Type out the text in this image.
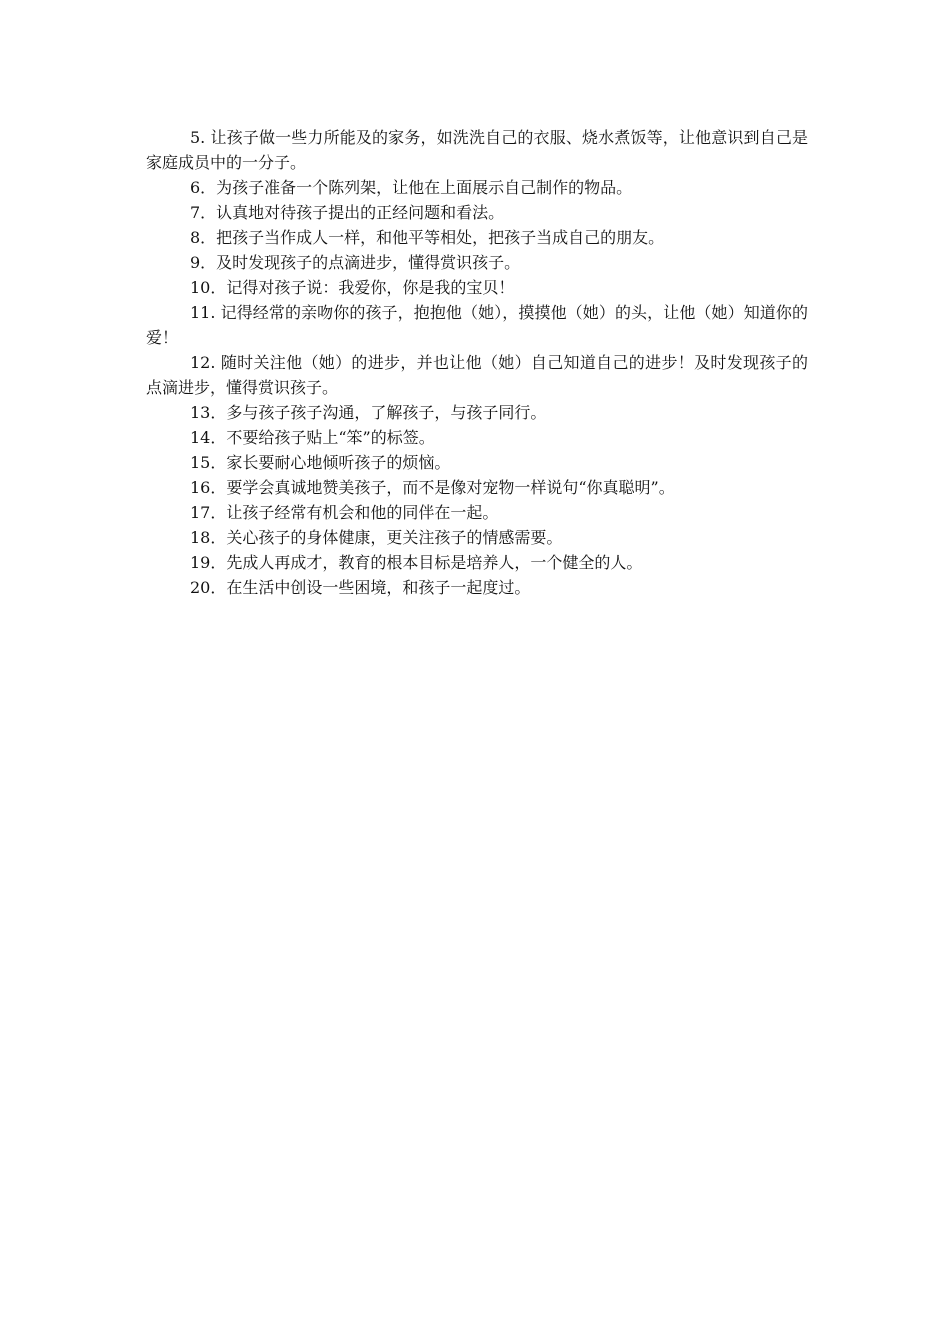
5. 让孩子做一些力所能及的家务，如洗洗自己的衣服、烧水煮饭等，让他意识到自己是家庭成员中的一分子。

6．为孩子准备一个陈列架，让他在上面展示自己制作的物品。

7．认真地对待孩子提出的正经问题和看法。

8．把孩子当作成人一样，和他平等相处，把孩子当成自己的朋友。

9．及时发现孩子的点滴进步，懂得赏识孩子。

10．记得对孩子说：我爱你，你是我的宝贝！

11. 记得经常的亲吻你的孩子，抱抱他（她），摸摸他（她）的头，让他（她）知道你的爱！

12. 随时关注他（她）的进步，并也让他（她）自己知道自己的进步！及时发现孩子的点滴进步，懂得赏识孩子。

13．多与孩子孩子沟通，了解孩子，与孩子同行。

14．不要给孩子贴上“笨”的标签。

15．家长要耐心地倾听孩子的烦恼。

16．要学会真诚地赞美孩子，而不是像对宠物一样说句“你真聪明”。

17．让孩子经常有机会和他的同伴在一起。

18．关心孩子的身体健康，更关注孩子的情感需要。

19．先成人再成才，教育的根本目标是培养人，一个健全的人。

20．在生活中创设一些困境，和孩子一起度过。
